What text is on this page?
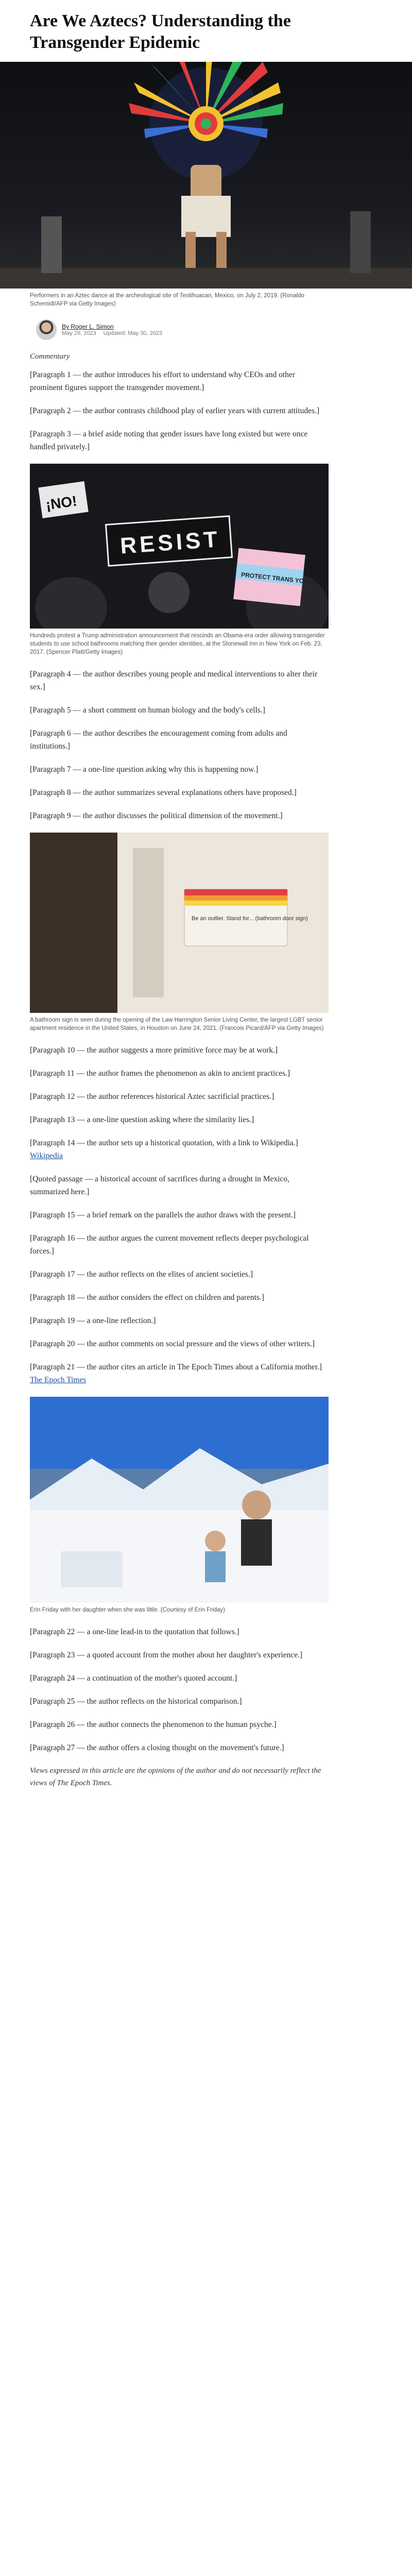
Are We Aztecs? Understanding the Transgender Epidemic

Performers in an Aztec dance at the archeological site of Teotihuacan, Mexico, on July 2, 2019. (Ronaldo Schemidt/AFP via Getty Images)

By Roger L. Simon
May 29, 2023 Updated: May 30, 2023
Commentary

[Paragraph 1 — the author introduces his effort to understand why CEOs and other prominent figures support the transgender movement.]

[Paragraph 2 — the author contrasts childhood play of earlier years with current attitudes.]

[Paragraph 3 — a brief aside noting that gender issues have long existed but were once handled privately.]

¡NO!
RESIST
PROTECT TRANS YOUTH

Hundreds protest a Trump administration announcement that rescinds an Obama-era order allowing transgender students to use school bathrooms matching their gender identities, at the Stonewall Inn in New York on Feb. 23, 2017. (Spencer Platt/Getty Images)

[Paragraph 4 — the author describes young people and medical interventions to alter their sex.]

[Paragraph 5 — a short comment on human biology and the body's cells.]

[Paragraph 6 — the author describes the encouragement coming from adults and institutions.]

[Paragraph 7 — a one-line question asking why this is happening now.]

[Paragraph 8 — the author summarizes several explanations others have proposed.]

[Paragraph 9 — the author discusses the political dimension of the movement.]

Be an outlier. Stand for... (bathroom door sign)

A bathroom sign is seen during the opening of the Law Harrington Senior Living Center, the largest LGBT senior apartment residence in the United States, in Houston on June 24, 2021. (Francois Picard/AFP via Getty Images)

[Paragraph 10 — the author suggests a more primitive force may be at work.]

[Paragraph 11 — the author frames the phenomenon as akin to ancient practices.]

[Paragraph 12 — the author references historical Aztec sacrificial practices.]

[Paragraph 13 — a one-line question asking where the similarity lies.]

[Paragraph 14 — the author sets up a historical quotation, with a link to Wikipedia.] Wikipedia

[Quoted passage — a historical account of sacrifices during a drought in Mexico, summarized here.]

[Paragraph 15 — a brief remark on the parallels the author draws with the present.]

[Paragraph 16 — the author argues the current movement reflects deeper psychological forces.]

[Paragraph 17 — the author reflects on the elites of ancient societies.]

[Paragraph 18 — the author considers the effect on children and parents.]

[Paragraph 19 — a one-line reflection.]

[Paragraph 20 — the author comments on social pressure and the views of other writers.]

[Paragraph 21 — the author cites an article in The Epoch Times about a California mother.] The Epoch Times

Erin Friday with her daughter when she was little. (Courtesy of Erin Friday)

[Paragraph 22 — a one-line lead-in to the quotation that follows.]

[Paragraph 23 — a quoted account from the mother about her daughter's experience.]

[Paragraph 24 — a continuation of the mother's quoted account.]

[Paragraph 25 — the author reflects on the historical comparison.]

[Paragraph 26 — the author connects the phenomenon to the human psyche.]

[Paragraph 27 — the author offers a closing thought on the movement's future.]

Views expressed in this article are the opinions of the author and do not necessarily reflect the views of The Epoch Times.
